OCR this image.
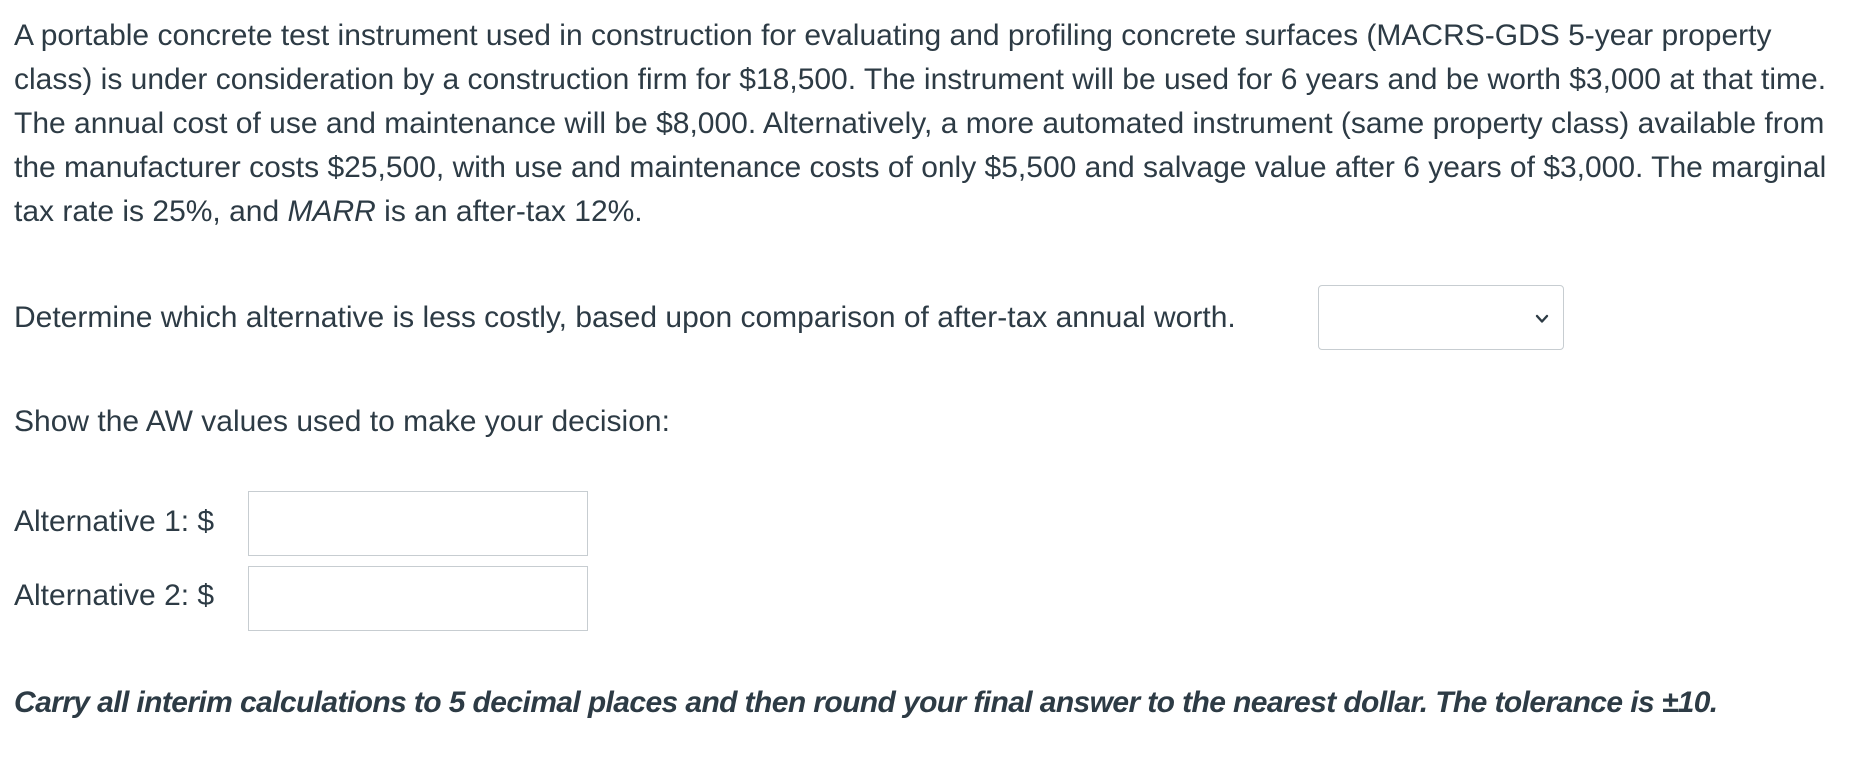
A portable concrete test instrument used in construction for evaluating and profiling concrete surfaces (MACRS-GDS 5-year property class) is under consideration by a construction firm for $18,500. The instrument will be used for 6 years and be worth $3,000 at that time. The annual cost of use and maintenance will be $8,000. Alternatively, a more automated instrument (same property class) available from the manufacturer costs $25,500, with use and maintenance costs of only $5,500 and salvage value after 6 years of $3,000. The marginal tax rate is 25%, and MARR is an after-tax 12%.

Determine which alternative is less costly, based upon comparison of after-tax annual worth.
Show the AW values used to make your decision:
Alternative 1: $
Alternative 2: $
Carry all interim calculations to 5 decimal places and then round your final answer to the nearest dollar. The tolerance is ±10.
